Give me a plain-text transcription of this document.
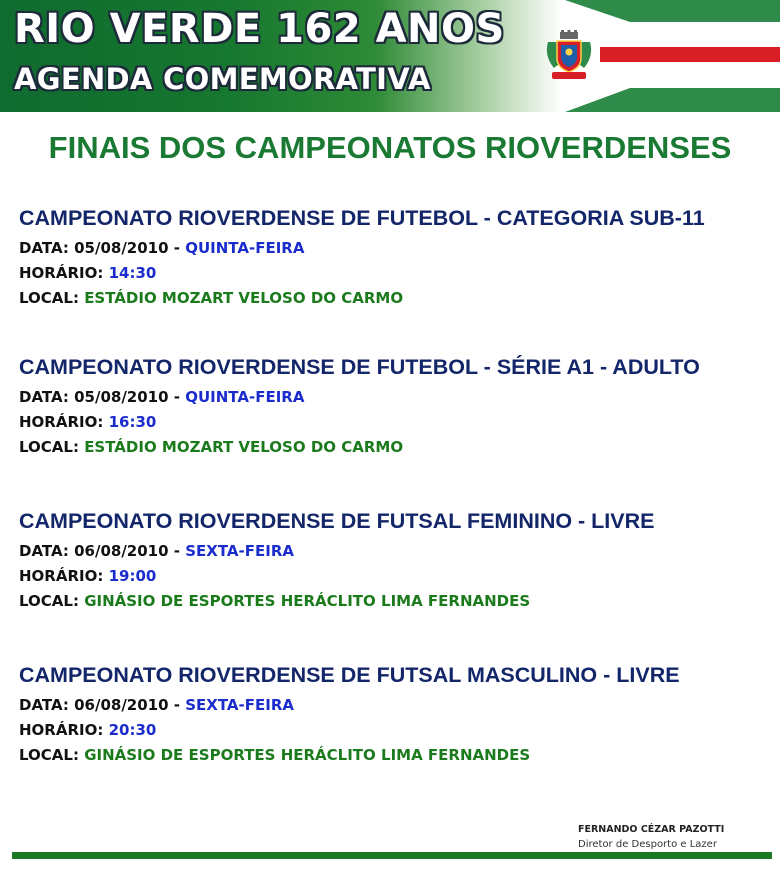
RIO VERDE 162 ANOS
AGENDA COMEMORATIVA
FINAIS DOS CAMPEONATOS RIOVERDENSES
CAMPEONATO RIOVERDENSE DE FUTEBOL - CATEGORIA SUB-11
DATA: 05/08/2010 - QUINTA-FEIRA
HORÁRIO: 14:30
LOCAL: ESTÁDIO MOZART VELOSO DO CARMO
CAMPEONATO RIOVERDENSE DE FUTEBOL - SÉRIE A1 - ADULTO
DATA: 05/08/2010 - QUINTA-FEIRA
HORÁRIO: 16:30
LOCAL: ESTÁDIO MOZART VELOSO DO CARMO
CAMPEONATO RIOVERDENSE DE FUTSAL FEMININO - LIVRE
DATA: 06/08/2010 - SEXTA-FEIRA
HORÁRIO: 19:00
LOCAL: GINÁSIO DE ESPORTES HERÁCLITO LIMA FERNANDES
CAMPEONATO RIOVERDENSE DE FUTSAL MASCULINO - LIVRE
DATA: 06/08/2010 - SEXTA-FEIRA
HORÁRIO: 20:30
LOCAL: GINÁSIO DE ESPORTES HERÁCLITO LIMA FERNANDES
FERNANDO CÉZAR PAZOTTI
Diretor de Desporto e Lazer
